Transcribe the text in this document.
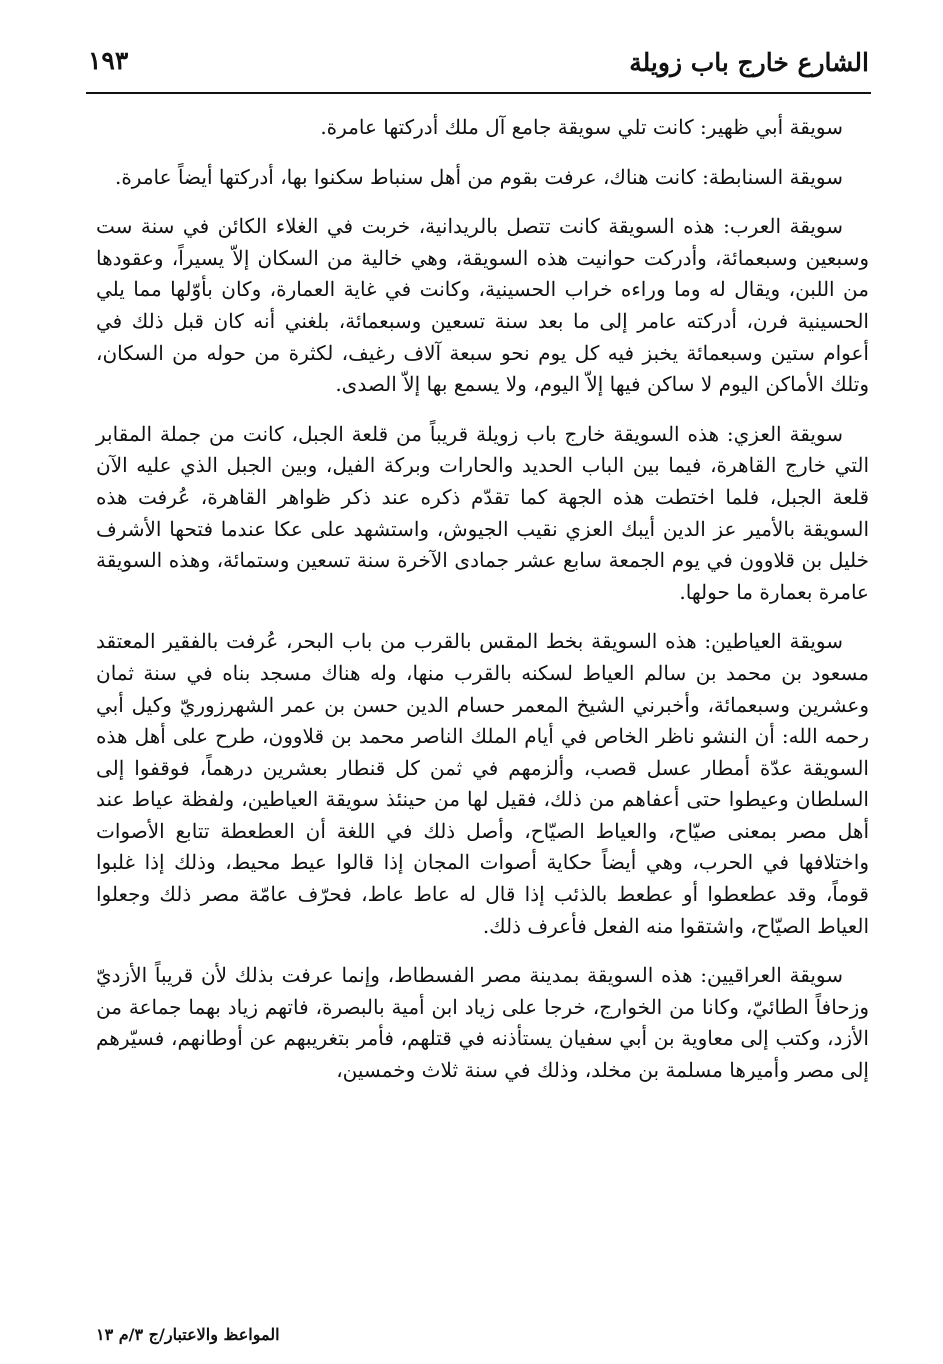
الشارع خارج باب زويلة
١٩٣

سويقة أبي ظهير: كانت تلي سويقة جامع آل ملك أدركتها عامرة.

سويقة السنابطة: كانت هناك، عرفت بقوم من أهل سنباط سكنوا بها، أدركتها أيضاً عامرة.

سويقة العرب: هذه السويقة كانت تتصل بالريدانية، خربت في الغلاء الكائن في سنة ست وسبعين وسبعمائة، وأدركت حوانيت هذه السويقة، وهي خالية من السكان إلاّ يسيراً، وعقودها من اللبن، ويقال له وما وراءه خراب الحسينية، وكانت في غاية العمارة، وكان بأوّلها مما يلي الحسينية فرن، أدركته عامر إلى ما بعد سنة تسعين وسبعمائة، بلغني أنه كان قبل ذلك في أعوام ستين وسبعمائة يخبز فيه كل يوم نحو سبعة آلاف رغيف، لكثرة من حوله من السكان، وتلك الأماكن اليوم لا ساكن فيها إلاّ اليوم، ولا يسمع بها إلاّ الصدى.

سويقة العزي: هذه السويقة خارج باب زويلة قريباً من قلعة الجبل، كانت من جملة المقابر التي خارج القاهرة، فيما بين الباب الحديد والحارات وبركة الفيل، وبين الجبل الذي عليه الآن قلعة الجبل، فلما اختطت هذه الجهة كما تقدّم ذكره عند ذكر ظواهر القاهرة، عُرفت هذه السويقة بالأمير عز الدين أيبك العزي نقيب الجيوش، واستشهد على عكا عندما فتحها الأشرف خليل بن قلاوون في يوم الجمعة سابع عشر جمادى الآخرة سنة تسعين وستمائة، وهذه السويقة عامرة بعمارة ما حولها.

سويقة العياطين: هذه السويقة بخط المقس بالقرب من باب البحر، عُرفت بالفقير المعتقد مسعود بن محمد بن سالم العياط لسكنه بالقرب منها، وله هناك مسجد بناه في سنة ثمان وعشرين وسبعمائة، وأخبرني الشيخ المعمر حسام الدين حسن بن عمر الشهرزوريّ وكيل أبي رحمه الله: أن النشو ناظر الخاص في أيام الملك الناصر محمد بن قلاوون، طرح على أهل هذه السويقة عدّة أمطار عسل قصب، وألزمهم في ثمن كل قنطار بعشرين درهماً، فوقفوا إلى السلطان وعيطوا حتى أعفاهم من ذلك، فقيل لها من حينئذ سويقة العياطين، ولفظة عياط عند أهل مصر بمعنى صيّاح، والعياط الصيّاح، وأصل ذلك في اللغة أن العطعطة تتابع الأصوات واختلافها في الحرب، وهي أيضاً حكاية أصوات المجان إذا قالوا عيط محيط، وذلك إذا غلبوا قوماً، وقد عطعطوا أو عطعط بالذئب إذا قال له عاط عاط، فحرّف عامّة مصر ذلك وجعلوا العياط الصيّاح، واشتقوا منه الفعل فأعرف ذلك.

سويقة العراقيين: هذه السويقة بمدينة مصر الفسطاط، وإنما عرفت بذلك لأن قريباً الأزديّ وزحافاً الطائيّ، وكانا من الخوارج، خرجا على زياد ابن أمية بالبصرة، فاتهم زياد بهما جماعة من الأزد، وكتب إلى معاوية بن أبي سفيان يستأذنه في قتلهم، فأمر بتغريبهم عن أوطانهم، فسيّرهم إلى مصر وأميرها مسلمة بن مخلد، وذلك في سنة ثلاث وخمسين،

المواعظ والاعتبار/ج ٣/م ١٣
